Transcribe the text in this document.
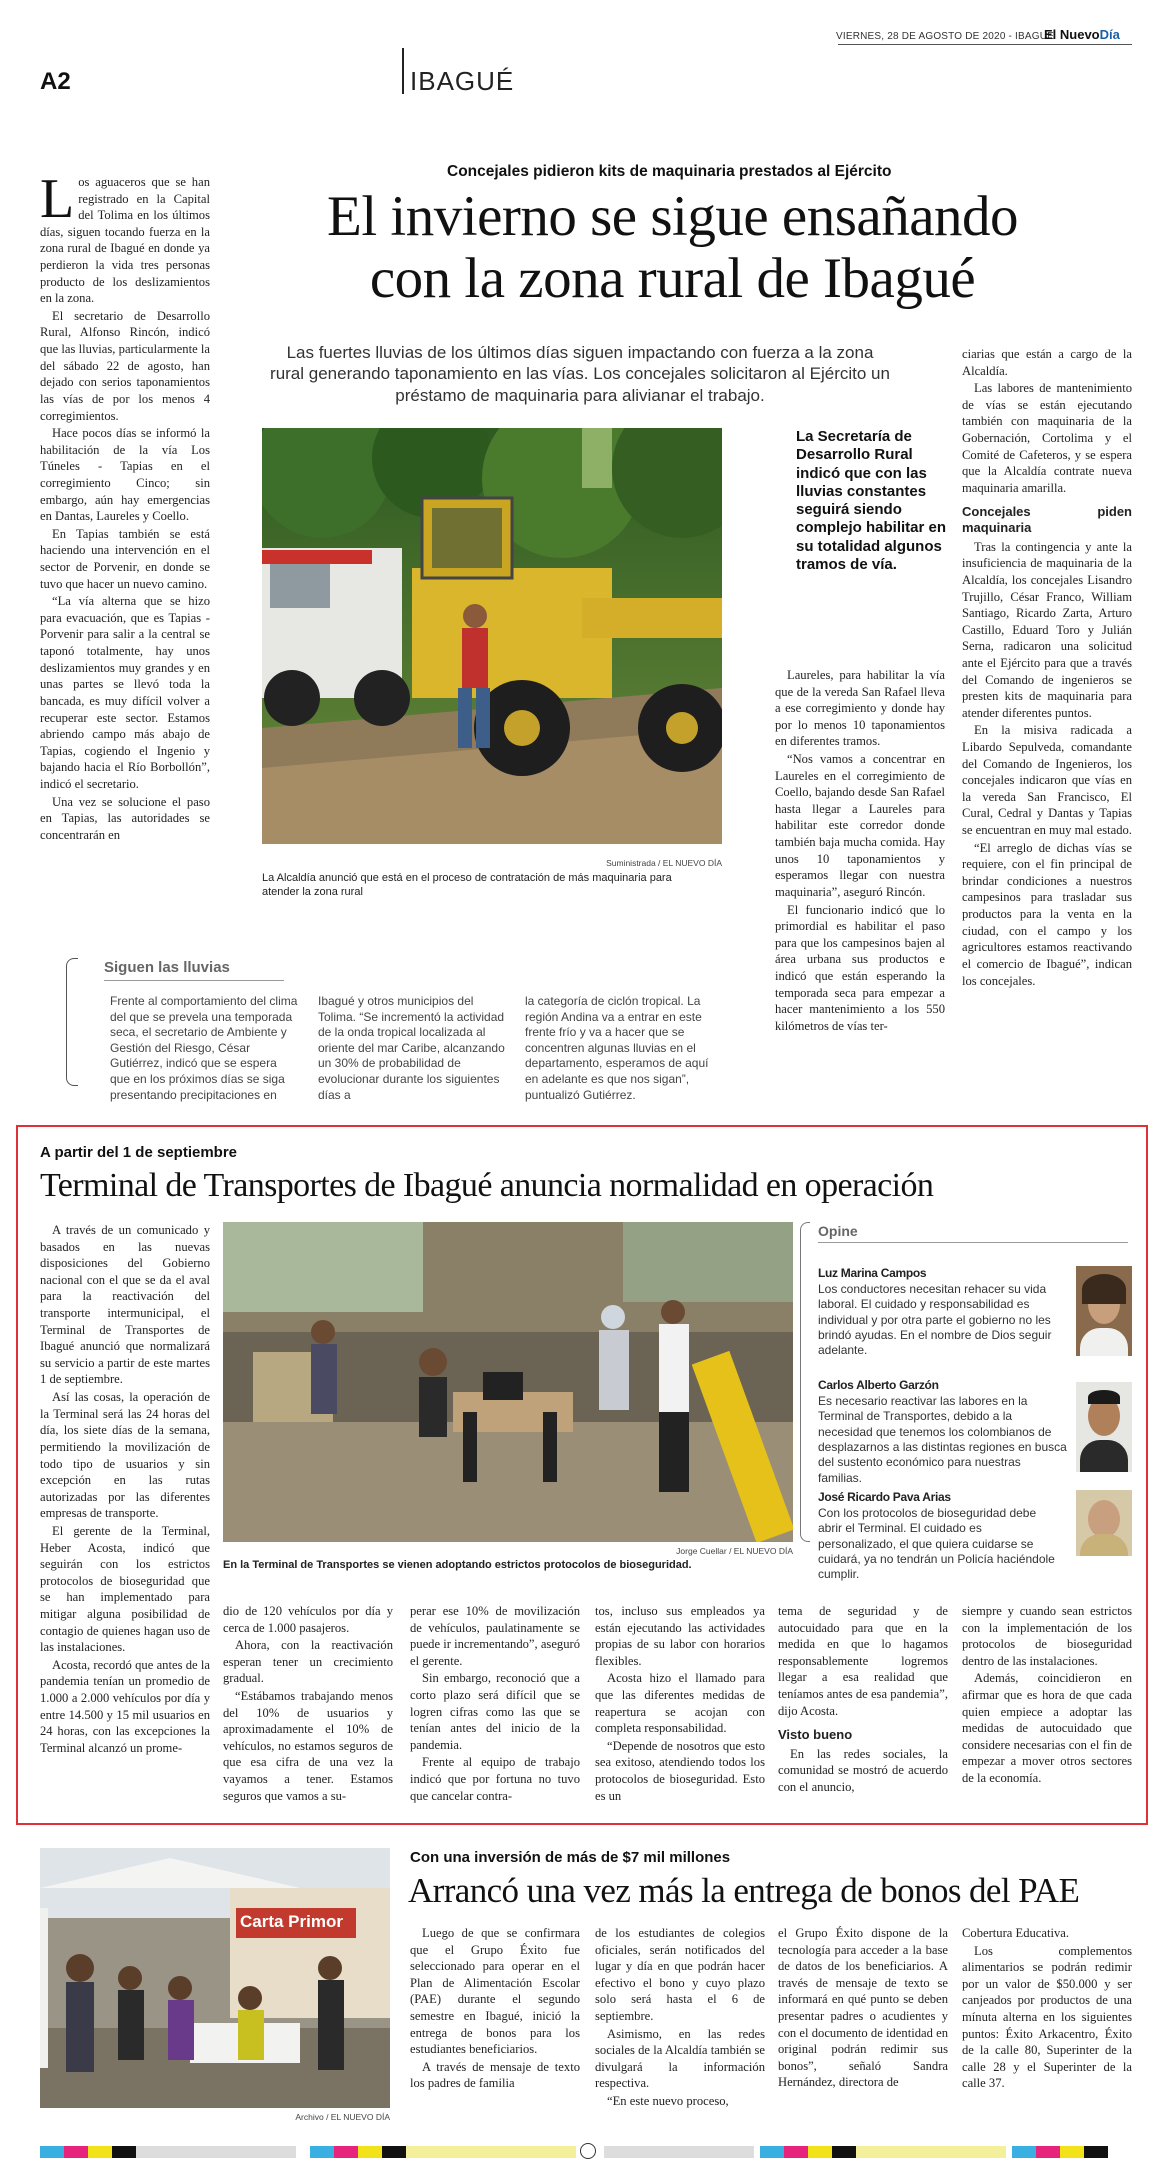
VIERNES, 28 DE AGOSTO DE 2020 - IBAGUÉ
El NuevoDía
A2	IBAGUÉ
Concejales pidieron kits de maquinaria prestados al Ejército
El invierno se sigue ensañando
con la zona rural de Ibagué
Las fuertes lluvias de los últimos días siguen impactando con fuerza a la zona
rural generando taponamiento en las vías. Los concejales solicitaron al Ejército un
préstamo de maquinaria para alivianar el trabajo.
L os aguaceros que se han registrado en la Capital del Tolima en los últimos días, siguen tocando fuerza en la zona rural de Ibagué en donde ya perdieron la vida tres personas producto de los deslizamientos en la zona.

El secretario de Desarrollo Rural, Alfonso Rincón, indicó que las lluvias, particularmente la del sábado 22 de agosto, han dejado con serios taponamientos las vías de por los menos 4 corregimientos.

Hace pocos días se informó la habilitación de la vía Los Túneles - Tapias en el corregimiento Cinco; sin embargo, aún hay emergencias en Dantas, Laureles y Coello.

En Tapias también se está haciendo una intervención en el sector de Porvenir, en donde se tuvo que hacer un nuevo camino.

“La vía alterna que se hizo para evacuación, que es Tapias - Porvenir para salir a la central se taponó totalmente, hay unos deslizamientos muy grandes y en unas partes se llevó toda la bancada, es muy difícil volver a recuperar este sector. Estamos abriendo campo más abajo de Tapias, cogiendo el Ingenio y bajando hacia el Río Borbollón”, indicó el secretario.

Una vez se solucione el paso en Tapias, las autoridades se concentrarán en

Suministrada / EL NUEVO DÍA
La Alcaldía anunció que está en el proceso de contratación de más maquinaria para
atender la zona rural
La Secretaría de Desarrollo Rural indicó que con las lluvias constantes seguirá siendo complejo habilitar en su totalidad algunos tramos de vía.

Laureles, para habilitar la vía que de la vereda San Rafael lleva a ese corregimiento y donde hay por lo menos 10 taponamientos en diferentes tramos.

“Nos vamos a concentrar en Laureles en el corregimiento de Coello, bajando desde San Rafael hasta llegar a Laureles para habilitar este corredor donde también baja mucha comida. Hay unos 10 taponamientos y esperamos llegar con nuestra maquinaria”, aseguró Rincón.

El funcionario indicó que lo primordial es habilitar el paso para que los campesinos bajen al área urbana sus productos e indicó que están esperando la temporada seca para empezar a hacer mantenimiento a los 550 kilómetros de vías ter-

ciarias que están a cargo de la Alcaldía.

Las labores de mantenimiento de vías se están ejecutando también con maquinaria de la Gobernación, Cortolima y el Comité de Cafeteros, y se espera que la Alcaldía contrate nueva maquinaria amarilla.

Concejales piden maquinaria

Tras la contingencia y ante la insuficiencia de maquinaria de la Alcaldía, los concejales Lisandro Trujillo, César Franco, William Santiago, Ricardo Zarta, Arturo Castillo, Eduard Toro y Julián Serna, radicaron una solicitud ante el Ejército para que a través del Comando de ingenieros se presten kits de maquinaria para atender diferentes puntos.

En la misiva radicada a Libardo Sepulveda, comandante del Comando de Ingenieros, los concejales indicaron que vías en la vereda San Francisco, El Cural, Cedral y Dantas y Tapias se encuentran en muy mal estado.

“El arreglo de dichas vías se requiere, con el fin principal de brindar condiciones a nuestros campesinos para trasladar sus productos para la venta en la ciudad, con el campo y los agricultores estamos reactivando el comercio de Ibagué”, indican los concejales.

Siguen las lluvias

Frente al comportamiento del clima del que se prevela una temporada seca, el secretario de Ambiente y Gestión del Riesgo, César Gutiérrez, indicó que se espera que en los próximos días se siga presentando precipitaciones en

Ibagué y otros municipios del Tolima. “Se incrementó la actividad de la onda tropical localizada al oriente del mar Caribe, alcanzando un 30% de probabilidad de evolucionar durante los siguientes días a

la categoría de ciclón tropical. La región Andina va a entrar en este frente frío y va a hacer que se concentren algunas lluvias en el departamento, esperamos de aquí en adelante es que nos sigan”, puntualizó Gutiérrez.

A partir del 1 de septiembre
Terminal de Transportes de Ibagué anuncia normalidad en operación

A través de un comunicado y basados en las nuevas disposiciones del Gobierno nacional con el que se da el aval para la reactivación del transporte intermunicipal, el Terminal de Transportes de Ibagué anunció que normalizará su servicio a partir de este martes 1 de septiembre.

Así las cosas, la operación de la Terminal será las 24 horas del día, los siete días de la semana, permitiendo la movilización de todo tipo de usuarios y sin excepción en las rutas autorizadas por las diferentes empresas de transporte.

El gerente de la Terminal, Heber Acosta, indicó que seguirán con los estrictos protocolos de bioseguridad que se han implementado para mitigar alguna posibilidad de contagio de quienes hagan uso de las instalaciones.

Acosta, recordó que antes de la pandemia tenían un promedio de 1.000 a 2.000 vehículos por día y entre 14.500 y 15 mil usuarios en 24 horas, con las excepciones la Terminal alcanzó un prome-

Jorge Cuellar / EL NUEVO DÍA
En la Terminal de Transportes se vienen adoptando estrictos protocolos de bioseguridad.
Opine
Luz Marina Campos
Los conductores necesitan rehacer su vida laboral. El cuidado y responsabilidad es individual y por otra parte el gobierno no les brindó ayudas. En el nombre de Dios seguir adelante.
Carlos Alberto Garzón
Es necesario reactivar las labores en la Terminal de Transportes, debido a la necesidad que tenemos los colombianos de desplazarnos a las distintas regiones en busca del sustento económico para nuestras familias.
José Ricardo Pava Arias
Con los protocolos de bioseguridad debe abrir el Terminal. El cuidado es personalizado, el que quiera cuidarse se cuidará, ya no tendrán un Policía haciéndole cumplir.

dio de 120 vehículos por día y cerca de 1.000 pasajeros.

Ahora, con la reactivación esperan tener un crecimiento gradual.

“Estábamos trabajando menos del 10% de usuarios y aproximadamente el 10% de vehículos, no estamos seguros de que esa cifra de una vez la vayamos a tener. Estamos seguros que vamos a su-

perar ese 10% de movilización de vehículos, paulatinamente se puede ir incrementando”, aseguró el gerente.

Sin embargo, reconoció que a corto plazo será difícil que se logren cifras como las que se tenían antes del inicio de la pandemia.

Frente al equipo de trabajo indicó que por fortuna no tuvo que cancelar contra-

tos, incluso sus empleados ya están ejecutando las actividades propias de su labor con horarios flexibles.

Acosta hizo el llamado para que las diferentes medidas de reapertura se acojan con completa responsabilidad.

“Depende de nosotros que esto sea exitoso, atendiendo todos los protocolos de bioseguridad. Esto es un

tema de seguridad y de autocuidado para que en la medida en que lo hagamos responsablemente logremos llegar a esa realidad que teníamos antes de esa pandemia”, dijo Acosta.

Visto bueno

En las redes sociales, la comunidad se mostró de acuerdo con el anuncio,

siempre y cuando sean estrictos con la implementación de los protocolos de bioseguridad dentro de las instalaciones.

Además, coincidieron en afirmar que es hora de que cada quien empiece a adoptar las medidas de autocuidado que considere necesarias con el fin de empezar a mover otros sectores de la economía.

Carta Primor
Archivo / EL NUEVO DÍA
Con una inversión de más de $7 mil millones
Arrancó una vez más la entrega de bonos del PAE

Luego de que se confirmara que el Grupo Éxito fue seleccionado para operar en el Plan de Alimentación Escolar (PAE) durante el segundo semestre en Ibagué, inició la entrega de bonos para los estudiantes beneficiarios.

A través de mensaje de texto los padres de familia

de los estudiantes de colegios oficiales, serán notificados del lugar y día en que podrán hacer efectivo el bono y cuyo plazo solo será hasta el 6 de septiembre.

Asimismo, en las redes sociales de la Alcaldía también se divulgará la información respectiva.

“En este nuevo proceso,

el Grupo Éxito dispone de la tecnología para acceder a la base de datos de los beneficiarios. A través de mensaje de texto se informará en qué punto se deben presentar padres o acudientes y con el documento de identidad en original podrán redimir sus bonos”, señaló Sandra Hernández, directora de

Cobertura Educativa.

Los complementos alimentarios se podrán redimir por un valor de $50.000 y ser canjeados por productos de una mínuta alterna en los siguientes puntos: Éxito Arkacentro, Éxito de la calle 80, Superinter de la calle 28 y el Superinter de la calle 37.
